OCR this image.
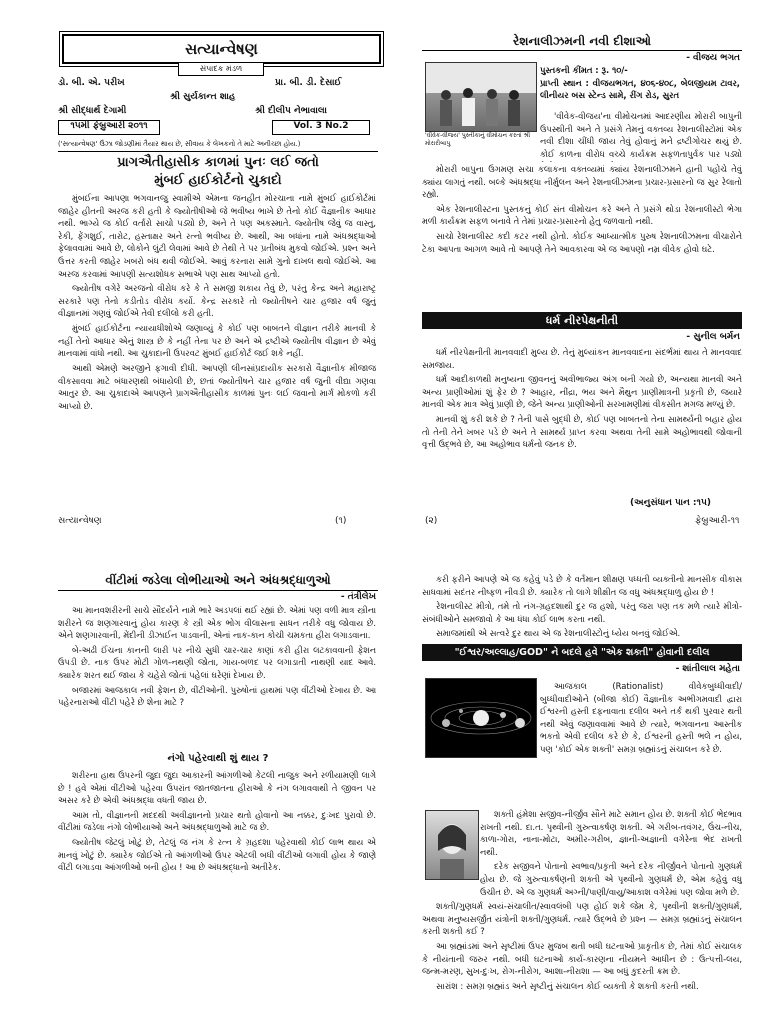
સત્યાન્વેષણ
સંપાદક મંડળ
ડો. બી. એ. પરીખ	પ્રા. બી. ડી. દેસાઈ
શ્રી સુર્યકાન્ત શાહ
શ્રી સીદ્ધાર્થ દેગામી	શ્રી દીલીપ નેભાવાલા
૧૫મી ફેબ્રુઆરી ૨૦૧૧	Vol. 3 No.2
('સત્યાન્વેષણ' ઉંઝા જોડણીમાં તૈયાર થાય છે, સીવાય કે લેખકનો તે માટે અનીચ્છા હોય.)
પ્રાગઐતીહાસીક કાળમાં પુનઃ લઈ જતો
મુંબઈ હાઈકોર્ટનો ચુકાદો

મુંબઈના આપણા ભગવાનજુ સ્વામીએ એમના જનહીત મોરચાના નામે મુંબઈ હાઈકોર્ટમાં જાહેર હીતની અરજ કરી હતી કે જ્યોતીષીઓ જે ભવીષ્ય ભાખે છે તેનો કોઈ વૈજ્ઞાનીક આધાર નથી. ભાગ્યે જ કોઈ વર્તારો સાચો પડ્યો છે, અને તે પણ અકસ્માતે. જ્યોતીષ જેવું જ વાસ્તુ, રેકી, ફેંગશુઈ, તારોટ, હસ્તાક્ષર અને રત્નો ભવીષ્ય છે. આથી, આ બધાંના નામે અંધશ્રદ્ધાઓ ફેલાવવામાં આવે છે, લોકોને લુંટી લેવામાં આવે છે તેથી તે પર પ્રતીબંધ મુકવો જોઈએ. પ્રશ્ન અને ઉત્તર કરતી જાહેર ખબરો બંધ થવી જોઈએ. આવું કરનારા સામે ગુનો દાખલ થવો જોઈએ. આ અરજ કરવામાં આપણી સત્યશોધક સભાએ પણ સાથ આપ્યો હતો.

જ્યોતીષ વગેરે અરજનો વીરોધ કરે કે તે સમજી શકાય તેવું છે, પરંતુ કેન્દ્ર અને મહારાષ્ટ્ર સરકારે પણ તેનો કડીતોડ વીરોધ કર્યો. કેન્દ્ર સરકારે તો જ્યોતીષને ચાર હજાર વર્ષ જુનું વીજ્ઞાનમાં ગણવું જોઈએ તેવી દલીલો કરી હતી.

મુંબઈ હાઈકોર્ટના ન્યાયાધીશોએ જણાવ્યું કે કોઈ પણ બાબતને વીજ્ઞાન તરીકે માનવી કે નહીં તેનો આધાર એનું શાસ્ત્ર છે કે નહીં તેના પર છે અને એ દ્રષ્ટીએ જ્યોતીષ વીજ્ઞાન છે એવું માનવામાં વાંધો નથી. આ ચુકાદાની ઉપરવટ મુંબઈ હાઈકોર્ટ જઈ શકે નહીં.

આથી એમણે અરજીને ફગાવી દીધી. આપણી લીનસાંપ્રદાયીક સરકારો વૈજ્ઞાનીક મીજાજ વીકસાવવા માટે બંધારણથી બંધાયેલી છે, છતાં જ્યોતીષને ચાર હજાર વર્ષ જુની વીદ્યા ગણવા આતુર છે. આ ચુકાદાએ આપણને પ્રાગઐતીહાસીક કાળમાં પુનઃ લઈ જવાનો માર્ગ મોકળો કરી આપ્યો છે.

સત્યાન્વેષણ	(૧)
રેશનાલીઝમની નવી દીશાઓ
- વીજય ભગત
'વીવેક-વીજય' પુસ્તીકાનું વીમોચન કરતાં શ્રી મોરારીબાપુ
પુસ્તકની કીંમત : રૂ. ૧૦/-
પ્રાપ્તી સ્થાન : વીજયભગત, ૪૦૬-૪૦૮, બેલજીયમ ટાવર, લીનીયર બસ સ્ટેન્ડ સામે, રીંગ રોડ, સુરત

'વીવેક-વીજય'ના વીમોચનમાં આદરણીય મોરારી બાપુની ઉપસ્થીતી અને તે પ્રસંગે તેમનું વક્તવ્ય રેશનાલીસ્ટોમાં એક નવી દીશા ચીંધી જાય તેવું હોવાનું મને દ્રષ્ટીગોચર થયું છે. કોઈ કાળના વીરોધ વચ્ચે કાર્યક્રમ સફળતાપુર્વક પાર પડ્યો

મોરારી બાપુના ઉગમણ સચા કલાકના વક્તવ્યમાં ક્યાંય રેશનાલીઝમને હાની પહોંચે તેવું ક્યાંય લાગતું નથી. બલ્કે અંધશ્રદ્ધા નીર્મુલન અને રેશનાલીઝમના પ્રચાર-પ્રસારનો જ સુર રેલાતો રહ્યો.

એક રેશનાલીસ્ટના પુસ્તકનું કોઈ સંત વીમોચન કરે અને તે પ્રસંગે થોડા રેશનાલીસ્ટો ભેગા મળી કાર્યક્રમ સફળ બનાવે તે તેમાં પ્રચાર-પ્રસારનો હેતુ જળવાતો નથી.

સાચો રેશનાલીસ્ટ કદી કટર નથી હોતો. કોઈક આધ્યાત્મીક પુરુષ રેશનાલીઝમના વીચારોને ટેકા આપતા આગળ આવે તો આપણે તેને આવકારવા એ જ આપણો નમ્ર વીવેક હોવો ઘટે.

ધર્મ નીરપેક્ષનીતી
- સુનીલ બર્મન

ધર્મ નીરપેક્ષનીતી માનવવાદી મુલ્ય છે. તેનું મુલ્યાંકન માનવવાદના સંદર્ભમાં થાય તે માનવવાદ સમજાય.

ધર્મ આદીકાળથી મનુષ્યના જીવનનું અવીભાજ્ય અંગ બની ગયો છે, અન્યથા માનવી અને અન્ય પ્રાણીઓમાં શું ફેર છે ? આહાર, નીંદ્રા, ભય અને મૈથુન પ્રાણીમાત્રની પ્રકૃતી છે, જયારે માનવી એક માત્ર એવું પ્રાણી છે, જેને અન્ય પ્રાણીઓની સરખામણીમાં વીકસીત મગજ મળ્યું છે.

માનવી શું કરી શકે છે ? તેની પાસે બુદ્ધી છે, કોઈ પણ બાબતનો તેના સામર્થ્યની બહાર હોય તો તેની તેને ખબર પડે છે અને તે સામર્થ્ય પ્રાપ્ત કરવા અથવા તેની સામે અહોભાવથી જોવાની વૃત્તી ઉદ્ભવે છે, આ અહોભાવ ધર્મનો જનક છે.

(અનુસંધાન પાન :૧૫)
(૨)	ફેબ્રુઆરી-૧૧
વીંટીમાં જડેલા લોભીયાઓ અને અંધશ્રદ્ધાળુઓ
- તંત્રીલેખ

આ માનવશરીરની સાચે સૌંદર્યને નામે ભારે અડપલાં થઈ રહ્યાં છે. એમાં પણ વળી માત્ર સ્ત્રીના શરીરને જ શણગારવાનું હોય કારણ કે સ્ત્રી એક ભોગ વીલાસના સાધન તરીકે વધુ જોવાય છે. એને શણગારવાની, મેંદીની ડીઝાઈન પાડવાની, એનાં નાક-કાન કોચી ચમકતા હીરા લગાડવાના.

બે-અઢી ઈંચના કાનની લારી પર નીચે સુધી ચાર-ચાર કાણાં કરી હીરા લટકાવવાની ફેશન ઉપડી છે. નાક ઉપર મોટી ગોળ-નથણી જોતા, ગાય-બળદ પર લગાડાતી નાથણી યાદ આવે. ક્યારેક શરત થઈ જાય કે ચહેરો જોતાં પહેલાં ઘરેણાં દેખાય છે.

બજારમાં આજકાલ નવી ફેશન છે, વીંટીઓની. પુરુષોનાં હાથમાં પણ વીંટીઓ દેખાય છે. આ પહેરનારાઓ વીંટી પહેરે છે શેના માટે ?

નંગો પહેરવાથી શું થાય ?

શરીરના હાથ ઉપરની જુદા જુદા આકારની આંગળીઓ કેટલી નાજુક અને રળીયામણી લાગે છે ! હવે એમાં વીંટીઓ પહેરવા ઉપરાંત જાતજાતના હીરાઓ કે નંગ લગાવવાથી તે જીવન પર અસર કરે છે એવી અંધશ્રદ્ધા વધતી જાય છે.

આમ તો, વીજ્ઞાનની મદદથી અવીજ્ઞાનનો પ્રચાર થતો હોવાનો આ નક્કર, દુઃખદ પુરાવો છે. વીંટીમાં જડેલા નંગો લોભીયાઓ અને અંધશ્રદ્ધાળુઓ માટે જ છે.

જ્યોતીષ જેટલું ખોટું છે, તેટલું જ નંગ કે રત્ન કે ગ્રહદશા પહેરવાથી કોઈ લાભ થાય એ માનવું ખોટું છે. ક્યારેક જોઈએ તો આંગળીઓ ઉપર એટલી બધી વીંટીઓ લગાવી હોય કે જાણે વીંટી લગાડવા આંગળીઓ બની હોય ! આ છે અંધશ્રદ્ધાનો અતીરેક.

કરી ફરીને આપણે એ જ કહેવું પડે છે કે વર્તમાન શીક્ષણ પધ્ધતી વ્યક્તીનો માનસીક વીકાસ સાધવામાં સદંતર નીષ્ફળ નીવડી છે. ક્યારેક તો લાગે શીક્ષીત જ વધુ અંધશ્રદ્ધાળુ હોય છે !

રેશનાલીસ્ટ મીત્રો, તમે તો નંગ-ગ્રહદશાથી દુર જ હશો, પરંતુ જરા પણ તક મળે ત્યારે મીત્રો-સંબંધીઓને સમજાવો કે આ ધંધા કોઈ લાભ કરતા નથી.

સમાજમાંથી એ સત્વરે દુર થાય એ જ રેશનાલીસ્ટોનું ધ્યેય બનવું જોઈએ.

"ઈશ્વર/અલ્લાહ/GOD" ને બદલે હવે "એક શક્તી" હોવાની દલીલ
- શાંતીલાલ મહેતા

આજકાલ (Rationalist) વીવેકબુધ્ધીવાદી/બુધ્ધીવાદીઓને (બીજા કોઈ) વૈજ્ઞાનીક અભીગમવાદી દ્વારા ઈશ્વરની હસ્તી દફનાવાતા દલીલ અને તર્ક થકી પુરવાર થતી નથી એવું જણાવવામાં આવે છે ત્યારે, ભગવાનના આસ્તીક ભકતો એવી દલીલ કરે છે કે, ઈશ્વરની હસ્તી ભલે ન હોય, પણ 'કોઈ એક શક્તી' સમગ્ર બ્રહ્માંડનું સંચાલન કરે છે.

શક્તી હંમેશા સજીવ-નીર્જીવ સૌને માટે સમાન હોય છે. શક્તી કોઈ ભેદભાવ રાખતી નથી. દા.ત. પૃથ્વીની ગુરુત્વાકર્ષણ શક્તી. એ ગરીબ-તવંગર, ઉંચ-નીચ, કાળા-ગોરા, નાના-મોટા, અમીર-ગરીબ, જ્ઞાની-અજ્ઞાની વગેરેના ભેદ રાખતી નથી.

દરેક સજીવને પોતાનો સ્વભાવ/પ્રકૃતી અને દરેક નીર્જીવને પોતાનો ગુણધર્મ હોય છે. જે ગુરુત્વાકર્ષણની શક્તી એ પૃથ્વીનો ગુણધર્મ છે, એમ કહેવું વધુ ઉચીત છે. એ જ ગુણધર્મ અગ્ની/પાણી/વાયુ/આકાશ વગેરેમાં પણ જોવા મળે છે.

શક્તી/ગુણધર્મ સ્વયં-સંચાલીત/સ્વાવલંબી પણ હોઈ શકે જેમ કે, પૃથ્વીની શક્તી/ગુણધર્મ, અથવા મનુષ્યસર્જીત યંત્રોની શક્તી/ગુણધર્મ. ત્યારે ઉદ્ભવે છે પ્રશ્ન — સમગ્ર બ્રહ્માંડનું સંચાલન કરતી શક્તી કઈ ?

આ બ્રહ્માંડમાં અને સૃષ્ટીમાં ઉપર મુજબ થતી બધી ઘટનાઓ પ્રાકૃતીક છે, તેમાં કોઈ સંચાલક કે નીયંતાની જરુર નથી. બધી ઘટનાઓ કાર્ય-કારણના નીયમને આધીન છે : ઉત્પત્તી-લય, જન્મ-મરણ, સુખ-દુઃખ, રોગ-નીરોગ, આશા-નીરાશા — આ બધું કુદરતી ક્રમ છે.

સારાંશ : સમગ્ર બ્રહ્માંડ અને સૃષ્ટીનું સંચાલન કોઈ વ્યક્તી કે શક્તી કરતી નથી.
